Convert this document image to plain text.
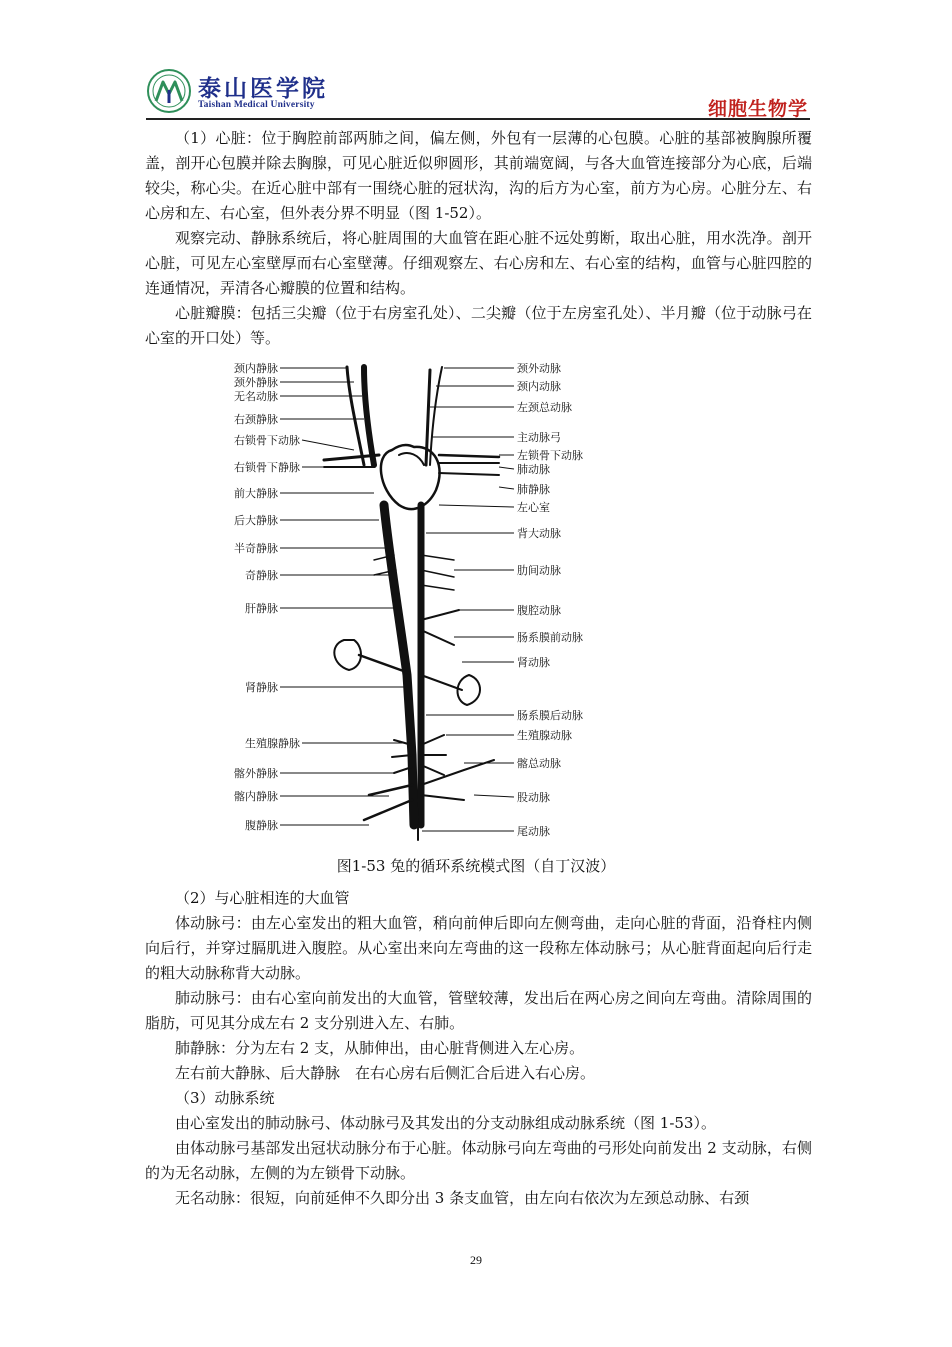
泰山医学院
Taishan Medical University	细胞生物学

（1）心脏：位于胸腔前部两肺之间，偏左侧，外包有一层薄的心包膜。心脏的基部被胸腺所覆盖，剖开心包膜并除去胸腺，可见心脏近似卵圆形，其前端宽阔，与各大血管连接部分为心底，后端较尖，称心尖。在近心脏中部有一围绕心脏的冠状沟，沟的后方为心室，前方为心房。心脏分左、右心房和左、右心室，但外表分界不明显（图 1-52）。

观察完动、静脉系统后，将心脏周围的大血管在距心脏不远处剪断，取出心脏，用水洗净。剖开心脏，可见左心室壁厚而右心室壁薄。仔细观察左、右心房和左、右心室的结构，血管与心脏四腔的连通情况，弄清各心瓣膜的位置和结构。

心脏瓣膜：包括三尖瓣（位于右房室孔处）、二尖瓣（位于左房室孔处）、半月瓣（位于动脉弓在心室的开口处）等。

颈内静脉
颈外静脉
无名动脉
右颈静脉
右锁骨下动脉
右锁骨下静脉
前大静脉
后大静脉
半奇静脉
奇静脉
肝静脉
肾静脉
生殖腺静脉
髂外静脉
髂内静脉
腹静脉
颈外动脉
颈内动脉
左颈总动脉
主动脉弓
左锁骨下动脉
肺动脉
肺静脉
左心室
背大动脉
肋间动脉
腹腔动脉
肠系膜前动脉
肾动脉
肠系膜后动脉
生殖腺动脉
髂总动脉
股动脉
尾动脉
图1-53 兔的循环系统模式图（自丁汉波）

（2）与心脏相连的大血管

体动脉弓：由左心室发出的粗大血管，稍向前伸后即向左侧弯曲，走向心脏的背面，沿脊柱内侧向后行，并穿过膈肌进入腹腔。从心室出来向左弯曲的这一段称左体动脉弓；从心脏背面起向后行走的粗大动脉称背大动脉。

肺动脉弓：由右心室向前发出的大血管，管壁较薄，发出后在两心房之间向左弯曲。清除周围的脂肪，可见其分成左右 2 支分别进入左、右肺。

肺静脉：分为左右 2 支，从肺伸出，由心脏背侧进入左心房。

左右前大静脉、后大静脉　在右心房右后侧汇合后进入右心房。

（3）动脉系统

由心室发出的肺动脉弓、体动脉弓及其发出的分支动脉组成动脉系统（图 1-53）。

由体动脉弓基部发出冠状动脉分布于心脏。体动脉弓向左弯曲的弓形处向前发出 2 支动脉，右侧的为无名动脉，左侧的为左锁骨下动脉。

无名动脉：很短，向前延伸不久即分出 3 条支血管，由左向右依次为左颈总动脉、右颈

29
